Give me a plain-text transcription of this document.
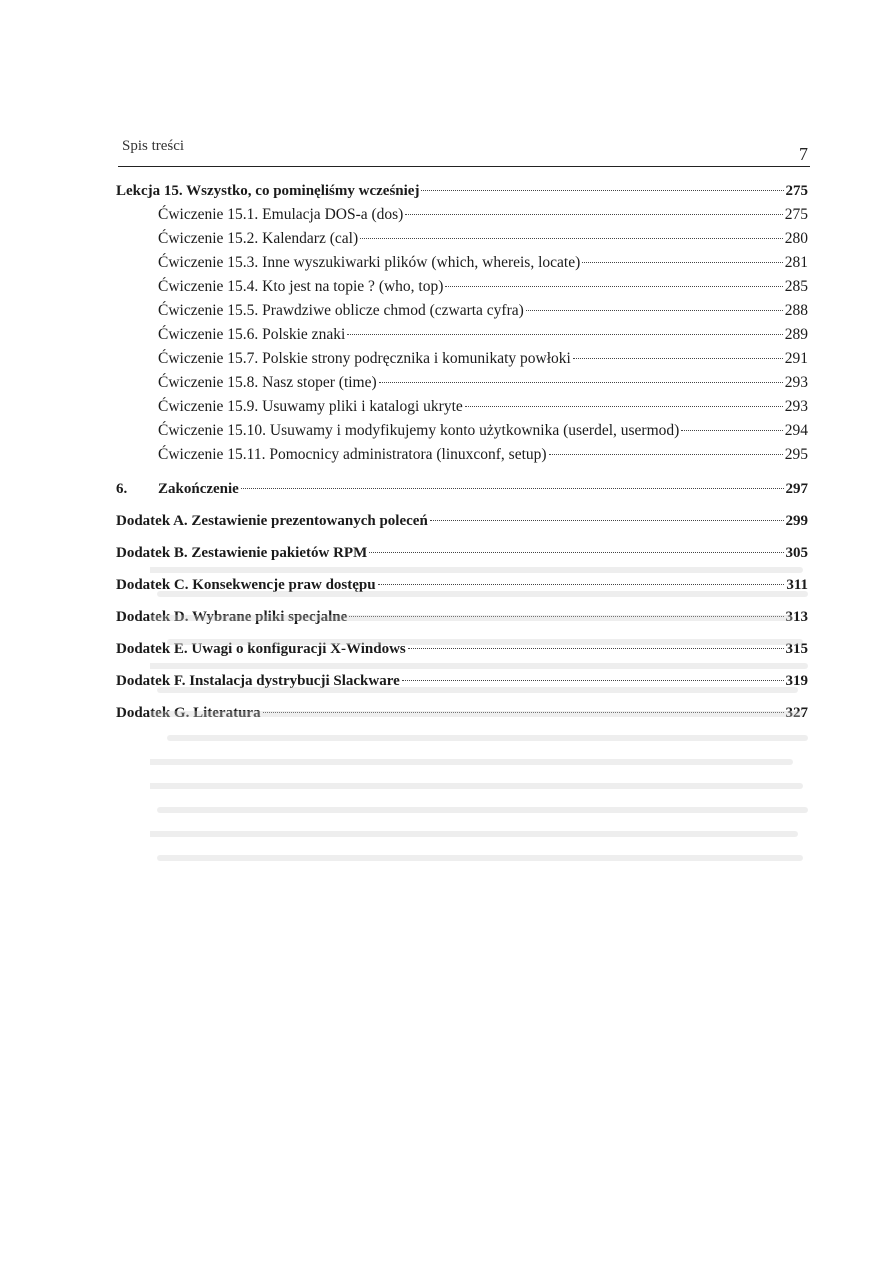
Spis treści	7
Lekcja 15. Wszystko, co pominęliśmy wcześniej	275
Ćwiczenie 15.1. Emulacja DOS-a (dos)	275
Ćwiczenie 15.2. Kalendarz (cal)	280
Ćwiczenie 15.3. Inne wyszukiwarki plików (which, whereis, locate)	281
Ćwiczenie 15.4. Kto jest na topie ? (who, top)	285
Ćwiczenie 15.5. Prawdziwe oblicze chmod (czwarta cyfra)	288
Ćwiczenie 15.6. Polskie znaki	289
Ćwiczenie 15.7. Polskie strony podręcznika i komunikaty powłoki	291
Ćwiczenie 15.8. Nasz stoper (time)	293
Ćwiczenie 15.9. Usuwamy pliki i katalogi ukryte	293
Ćwiczenie 15.10. Usuwamy i modyfikujemy konto użytkownika (userdel, usermod)	294
Ćwiczenie 15.11. Pomocnicy administratora (linuxconf, setup)	295
6. Zakończenie	297
Dodatek A. Zestawienie prezentowanych poleceń	299
Dodatek B. Zestawienie pakietów RPM	305
Dodatek C. Konsekwencje praw dostępu	311
Dodatek D. Wybrane pliki specjalne	313
Dodatek E. Uwagi o konfiguracji X-Windows	315
Dodatek F. Instalacja dystrybucji Slackware	319
Dodatek G. Literatura	327
